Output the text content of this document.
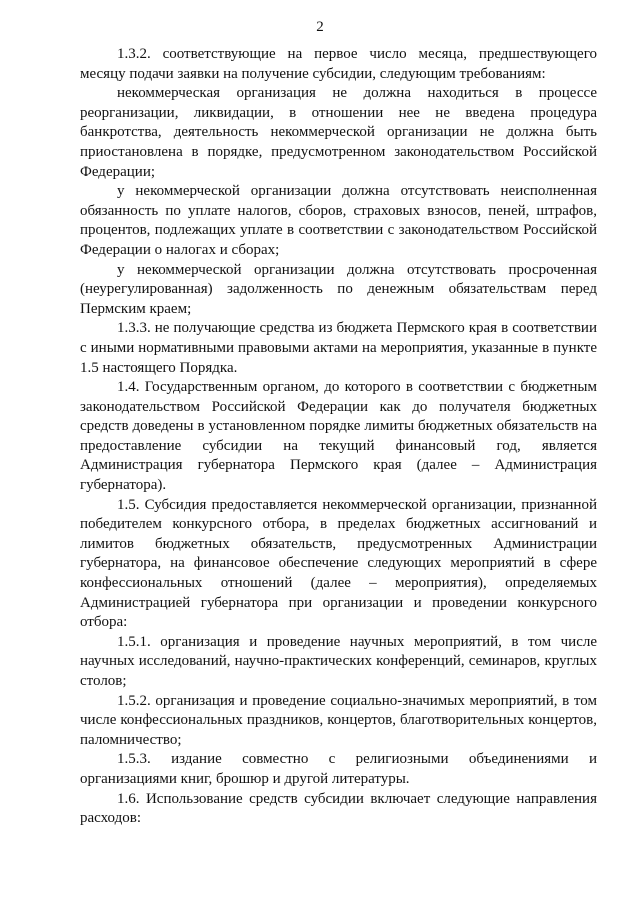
2

1.3.2. соответствующие на первое число месяца, предшествующего месяцу подачи заявки на получение субсидии, следующим требованиям:

некоммерческая организация не должна находиться в процессе реорганизации, ликвидации, в отношении нее не введена процедура банкротства, деятельность некоммерческой организации не должна быть приостановлена в порядке, предусмотренном законодательством Российской Федерации;

у некоммерческой организации должна отсутствовать неисполненная обязанность по уплате налогов, сборов, страховых взносов, пеней, штрафов, процентов, подлежащих уплате в соответствии с законодательством Российской Федерации о налогах и сборах;

у некоммерческой организации должна отсутствовать просроченная (неурегулированная) задолженность по денежным обязательствам перед Пермским краем;

1.3.3. не получающие средства из бюджета Пермского края в соответствии с иными нормативными правовыми актами на мероприятия, указанные в пункте 1.5 настоящего Порядка.

1.4. Государственным органом, до которого в соответствии с бюджетным законодательством Российской Федерации как до получателя бюджетных средств доведены в установленном порядке лимиты бюджетных обязательств на предоставление субсидии на текущий финансовый год, является Администрация губернатора Пермского края (далее – Администрация губернатора).

1.5. Субсидия предоставляется некоммерческой организации, признанной победителем конкурсного отбора, в пределах бюджетных ассигнований и лимитов бюджетных обязательств, предусмотренных Администрации губернатора, на финансовое обеспечение следующих мероприятий в сфере конфессиональных отношений (далее – мероприятия), определяемых Администрацией губернатора при организации и проведении конкурсного отбора:

1.5.1. организация и проведение научных мероприятий, в том числе научных исследований, научно-практических конференций, семинаров, круглых столов;

1.5.2. организация и проведение социально-значимых мероприятий, в том числе конфессиональных праздников, концертов, благотворительных концертов, паломничество;

1.5.3. издание совместно с религиозными объединениями и организациями книг, брошюр и другой литературы.

1.6. Использование средств субсидии включает следующие направления расходов:
